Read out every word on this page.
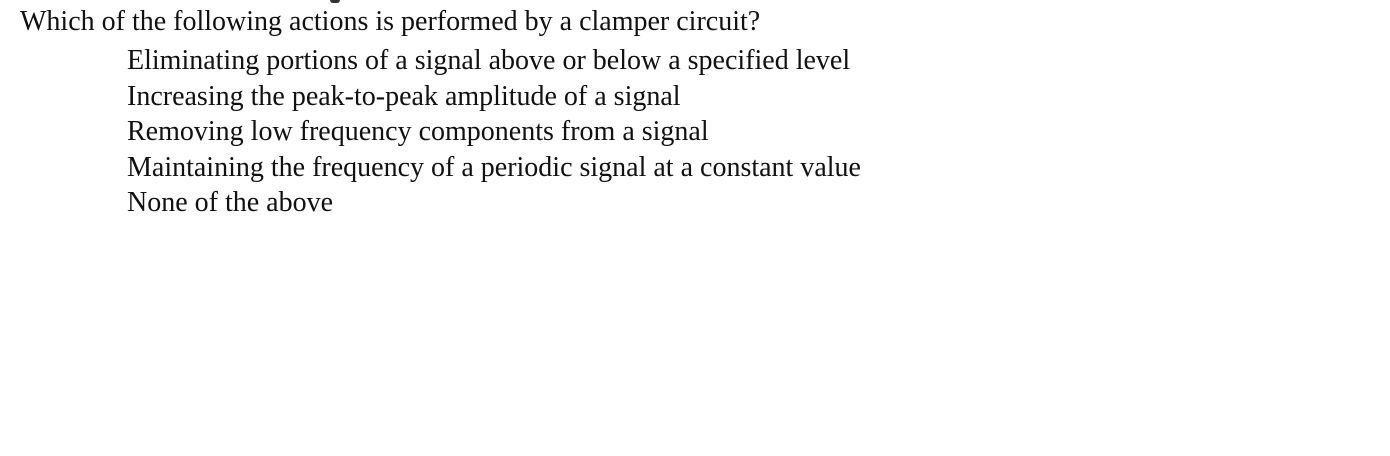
Which of the following actions is performed by a clamper circuit?
Eliminating portions of a signal above or below a specified level
Increasing the peak-to-peak amplitude of a signal
Removing low frequency components from a signal
Maintaining the frequency of a periodic signal at a constant value
None of the above
